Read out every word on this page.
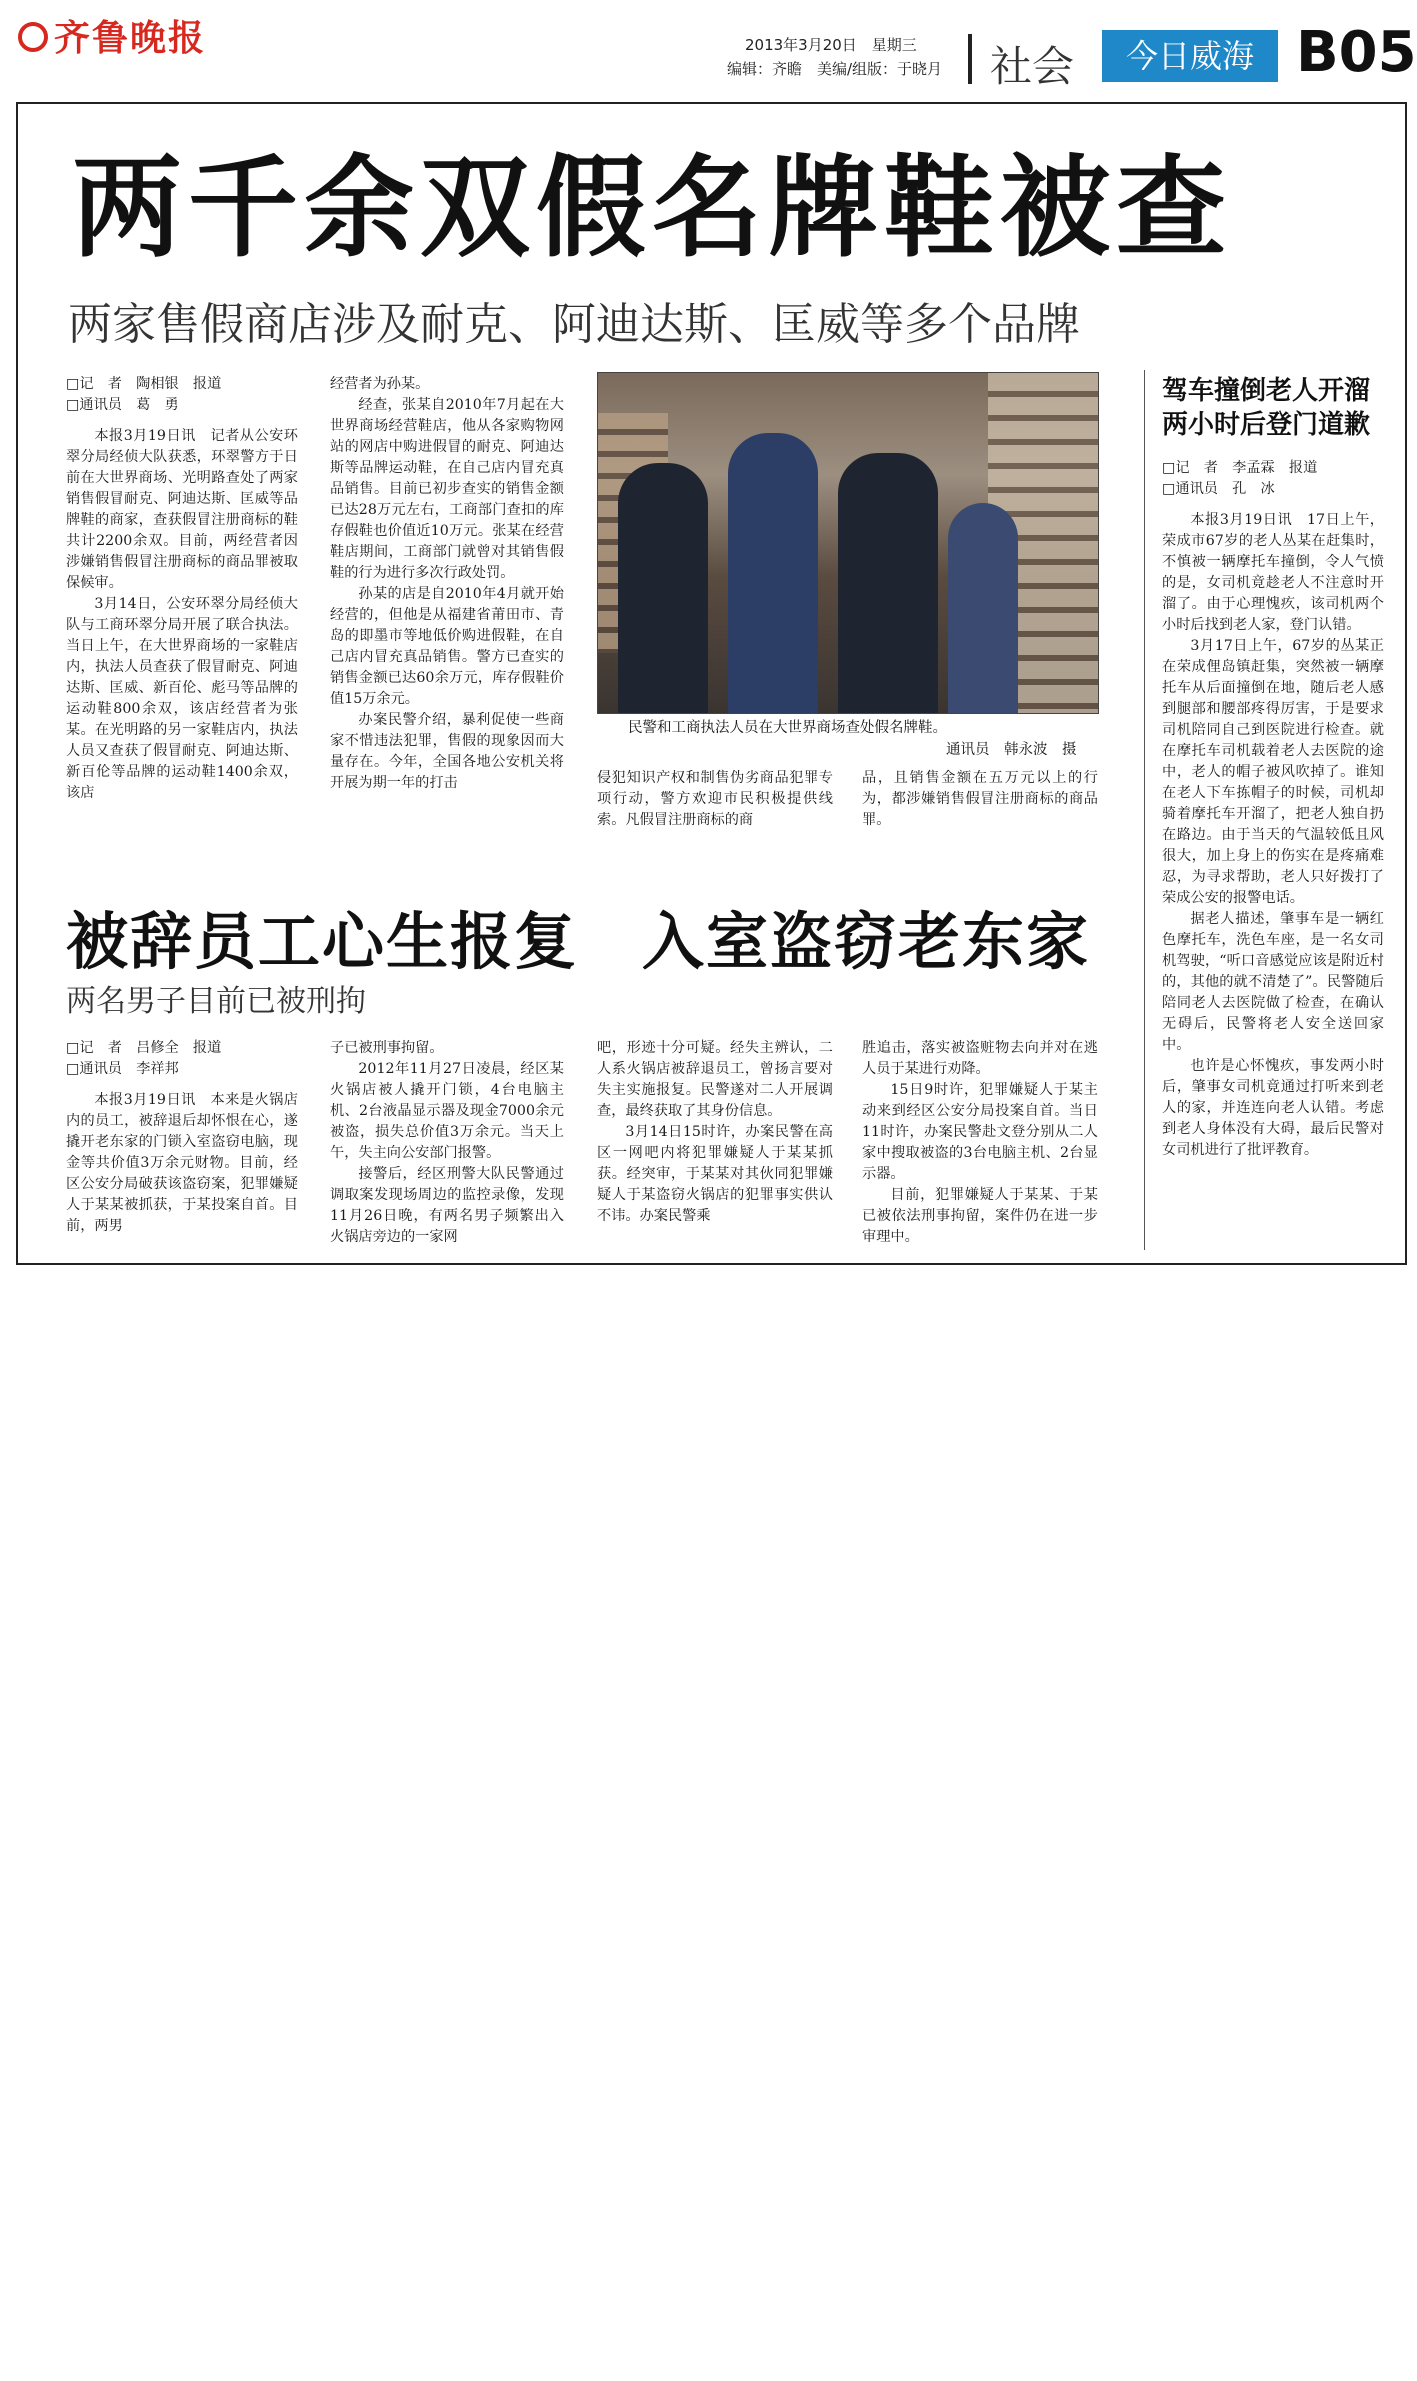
齐鲁晚报	2013年3月20日　星期三
编辑：齐瞻　美编/组版：于晓月 社会	今日威海 B05
两千余双假名牌鞋被查
两家售假商店涉及耐克、阿迪达斯、匡威等多个品牌

□记　者　陶相银　报道

□通讯员　葛　勇

本报3月19日讯　记者从公安环翠分局经侦大队获悉，环翠警方于日前在大世界商场、光明路查处了两家销售假冒耐克、阿迪达斯、匡威等品牌鞋的商家，查获假冒注册商标的鞋共计2200余双。目前，两经营者因涉嫌销售假冒注册商标的商品罪被取保候审。

3月14日，公安环翠分局经侦大队与工商环翠分局开展了联合执法。当日上午，在大世界商场的一家鞋店内，执法人员查获了假冒耐克、阿迪达斯、匡威、新百伦、彪马等品牌的运动鞋800余双，该店经营者为张某。在光明路的另一家鞋店内，执法人员又查获了假冒耐克、阿迪达斯、新百伦等品牌的运动鞋1400余双，该店

经营者为孙某。

经查，张某自2010年7月起在大世界商场经营鞋店，他从各家购物网站的网店中购进假冒的耐克、阿迪达斯等品牌运动鞋，在自己店内冒充真品销售。目前已初步查实的销售金额已达28万元左右，工商部门查扣的库存假鞋也价值近10万元。张某在经营鞋店期间，工商部门就曾对其销售假鞋的行为进行多次行政处罚。

孙某的店是自2010年4月就开始经营的，但他是从福建省莆田市、青岛的即墨市等地低价购进假鞋，在自己店内冒充真品销售。警方已查实的销售金额已达60余万元，库存假鞋价值15万余元。

办案民警介绍，暴利促使一些商家不惜违法犯罪，售假的现象因而大量存在。今年，全国各地公安机关将开展为期一年的打击

民警和工商执法人员在大世界商场查处假名牌鞋。
通讯员　韩永波　摄

侵犯知识产权和制售伪劣商品犯罪专项行动，警方欢迎市民积极提供线索。凡假冒注册商标的商

品，且销售金额在五万元以上的行为，都涉嫌销售假冒注册商标的商品罪。

被辞员工心生报复　入室盗窃老东家
两名男子目前已被刑拘

□记　者　吕修全　报道

□通讯员　李祥邦

本报3月19日讯　本来是火锅店内的员工，被辞退后却怀恨在心，遂撬开老东家的门锁入室盗窃电脑，现金等共价值3万余元财物。目前，经区公安分局破获该盗窃案，犯罪嫌疑人于某某被抓获，于某投案自首。目前，两男

子已被刑事拘留。

2012年11月27日凌晨，经区某火锅店被人撬开门锁，4台电脑主机、2台液晶显示器及现金7000余元被盗，损失总价值3万余元。当天上午，失主向公安部门报警。

接警后，经区刑警大队民警通过调取案发现场周边的监控录像，发现11月26日晚，有两名男子频繁出入火锅店旁边的一家网

吧，形迹十分可疑。经失主辨认，二人系火锅店被辞退员工，曾扬言要对失主实施报复。民警遂对二人开展调查，最终获取了其身份信息。

3月14日15时许，办案民警在高区一网吧内将犯罪嫌疑人于某某抓获。经突审，于某某对其伙同犯罪嫌疑人于某盗窃火锅店的犯罪事实供认不讳。办案民警乘

胜追击，落实被盗赃物去向并对在逃人员于某进行劝降。

15日9时许，犯罪嫌疑人于某主动来到经区公安分局投案自首。当日11时许，办案民警赴文登分别从二人家中搜取被盗的3台电脑主机、2台显示器。

目前，犯罪嫌疑人于某某、于某已被依法刑事拘留，案件仍在进一步审理中。

驾车撞倒老人开溜
两小时后登门道歉

□记　者　李孟霖　报道

□通讯员　孔　冰

本报3月19日讯　17日上午，荣成市67岁的老人丛某在赶集时，不慎被一辆摩托车撞倒，令人气愤的是，女司机竟趁老人不注意时开溜了。由于心理愧疚，该司机两个小时后找到老人家，登门认错。

3月17日上午，67岁的丛某正在荣成俚岛镇赶集，突然被一辆摩托车从后面撞倒在地，随后老人感到腿部和腰部疼得厉害，于是要求司机陪同自己到医院进行检查。就在摩托车司机载着老人去医院的途中，老人的帽子被风吹掉了。谁知在老人下车拣帽子的时候，司机却骑着摩托车开溜了，把老人独自扔在路边。由于当天的气温较低且风很大，加上身上的伤实在是疼痛难忍，为寻求帮助，老人只好拨打了荣成公安的报警电话。

据老人描述，肇事车是一辆红色摩托车，洗色车座，是一名女司机驾驶，“听口音感觉应该是附近村的，其他的就不清楚了”。民警随后陪同老人去医院做了检查，在确认无碍后，民警将老人安全送回家中。

也许是心怀愧疚，事发两小时后，肇事女司机竟通过打听来到老人的家，并连连向老人认错。考虑到老人身体没有大碍，最后民警对女司机进行了批评教育。
